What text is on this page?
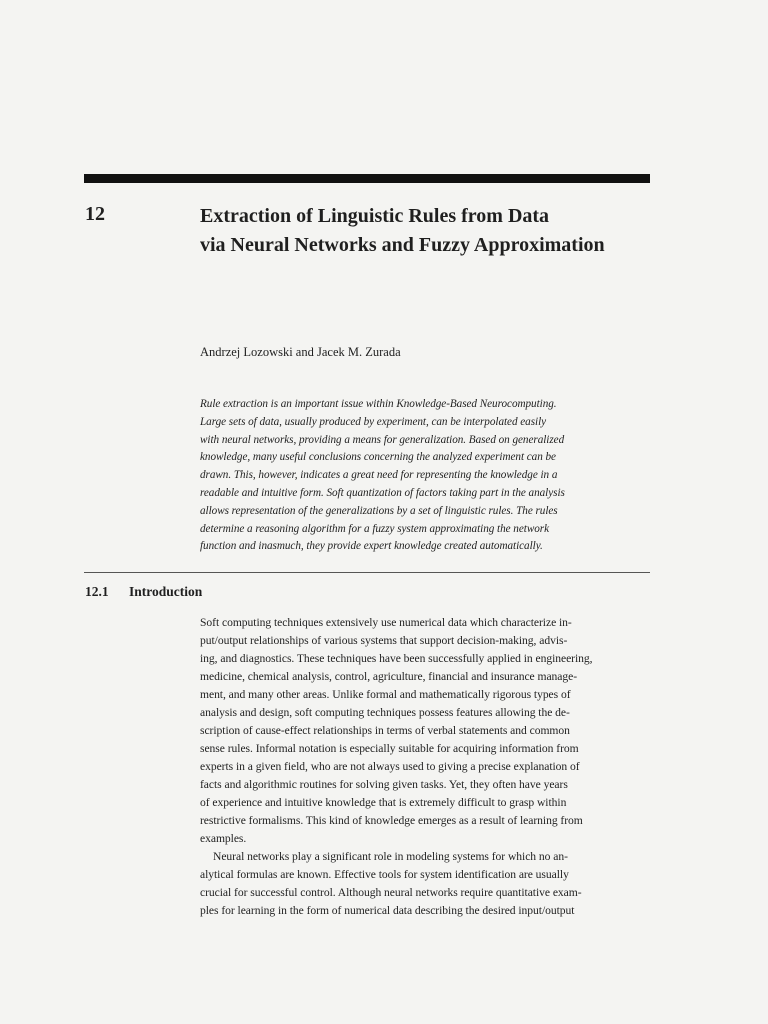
12	Extraction of Linguistic Rules from Data
via Neural Networks and Fuzzy Approximation
Andrzej Lozowski and Jacek M. Zurada
Rule extraction is an important issue within Knowledge-Based Neurocomputing.
Large sets of data, usually produced by experiment, can be interpolated easily
with neural networks, providing a means for generalization. Based on generalized
knowledge, many useful conclusions concerning the analyzed experiment can be
drawn. This, however, indicates a great need for representing the knowledge in a
readable and intuitive form. Soft quantization of factors taking part in the analysis
allows representation of the generalizations by a set of linguistic rules. The rules
determine a reasoning algorithm for a fuzzy system approximating the network
function and inasmuch, they provide expert knowledge created automatically.
12.1 Introduction
Soft computing techniques extensively use numerical data which characterize in-
put/output relationships of various systems that support decision-making, advis-
ing, and diagnostics. These techniques have been successfully applied in engineering,
medicine, chemical analysis, control, agriculture, financial and insurance manage-
ment, and many other areas. Unlike formal and mathematically rigorous types of
analysis and design, soft computing techniques possess features allowing the de-
scription of cause-effect relationships in terms of verbal statements and common
sense rules. Informal notation is especially suitable for acquiring information from
experts in a given field, who are not always used to giving a precise explanation of
facts and algorithmic routines for solving given tasks. Yet, they often have years
of experience and intuitive knowledge that is extremely difficult to grasp within
restrictive formalisms. This kind of knowledge emerges as a result of learning from
examples.
Neural networks play a significant role in modeling systems for which no an-
alytical formulas are known. Effective tools for system identification are usually
crucial for successful control. Although neural networks require quantitative exam-
ples for learning in the form of numerical data describing the desired input/output
